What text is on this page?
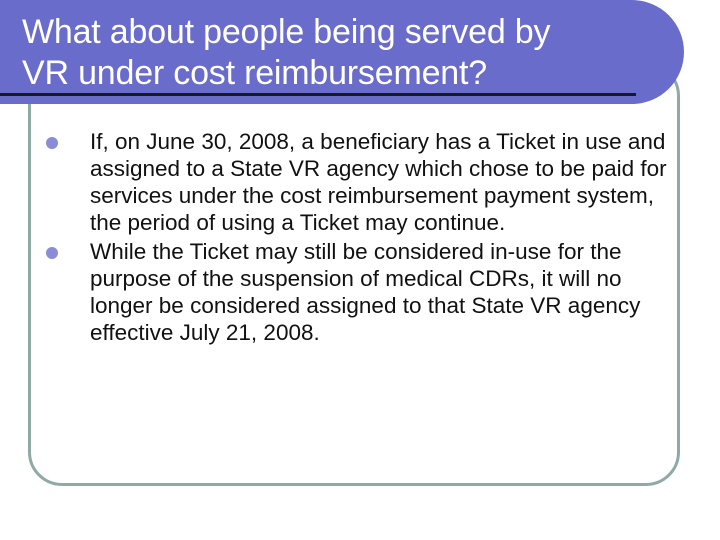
What about people being served by
VR under cost reimbursement?
If, on June 30, 2008, a beneficiary has a Ticket in use and assigned to a State VR agency which chose to be paid for services under the cost reimbursement payment system, the period of using a Ticket may continue.
While the Ticket may still be considered in-use for the purpose of the suspension of medical CDRs, it will no longer be considered assigned to that State VR agency effective July 21, 2008.
